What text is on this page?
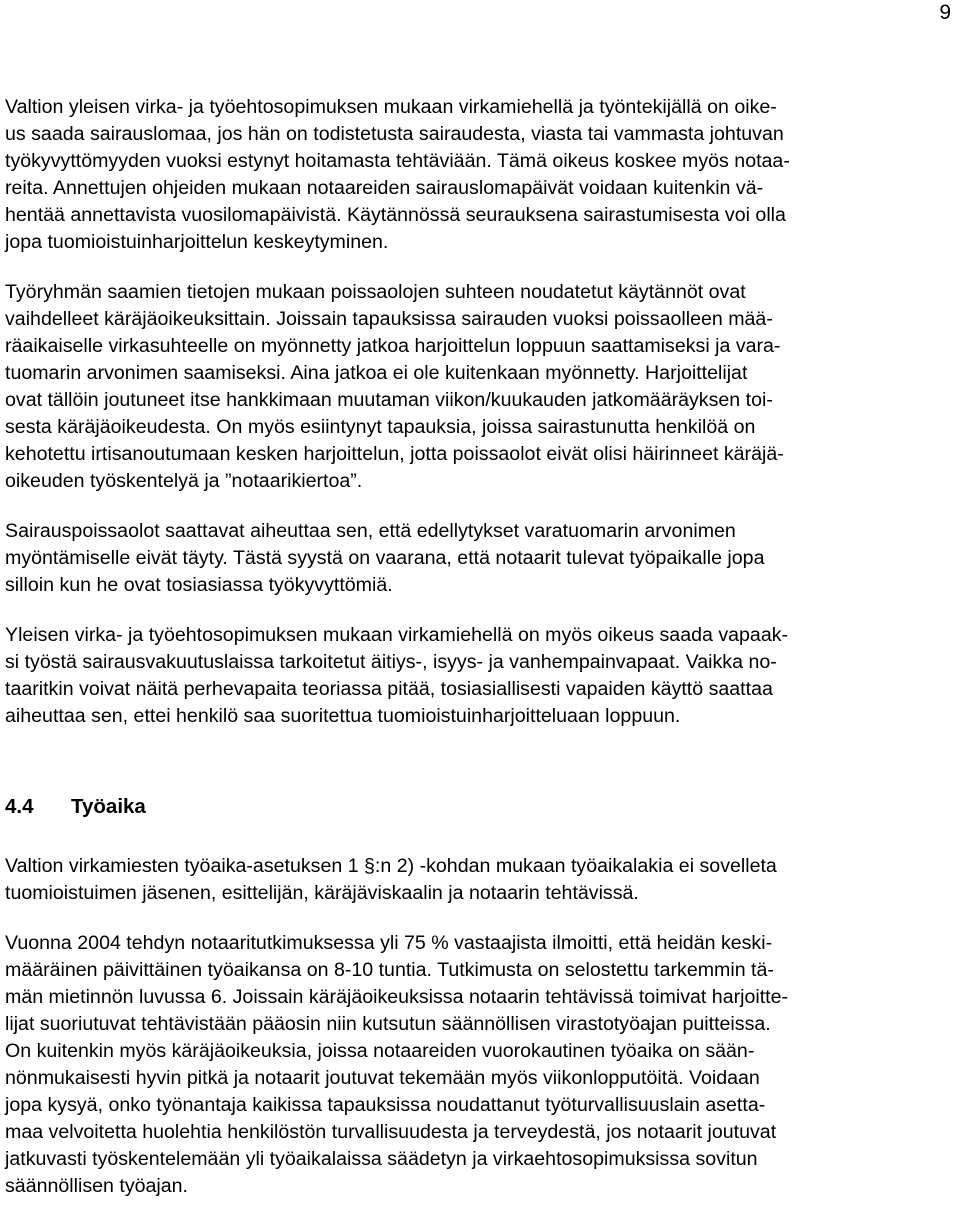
9

Valtion yleisen virka- ja työehtosopimuksen mukaan virkamiehellä ja työntekijällä on oike-
us saada sairauslomaa, jos hän on todistetusta sairaudesta, viasta tai vammasta johtuvan
työkyvyttömyyden vuoksi estynyt hoitamasta tehtäviään. Tämä oikeus koskee myös notaa-
reita. Annettujen ohjeiden mukaan notaareiden sairauslomapäivät voidaan kuitenkin vä-
hentää annettavista vuosilomapäivistä. Käytännössä seurauksena sairastumisesta voi olla
jopa tuomioistuinharjoittelun keskeytyminen.

Työryhmän saamien tietojen mukaan poissaolojen suhteen noudatetut käytännöt ovat
vaihdelleet käräjäoikeuksittain. Joissain tapauksissa sairauden vuoksi poissaolleen mää-
räaikaiselle virkasuhteelle on myönnetty jatkoa harjoittelun loppuun saattamiseksi ja vara-
tuomarin arvonimen saamiseksi. Aina jatkoa ei ole kuitenkaan myönnetty. Harjoittelijat
ovat tällöin joutuneet itse hankkimaan muutaman viikon/kuukauden jatkomääräyksen toi-
sesta käräjäoikeudesta. On myös esiintynyt tapauksia, joissa sairastunutta henkilöä on
kehotettu irtisanoutumaan kesken harjoittelun, jotta poissaolot eivät olisi häirinneet käräjä-
oikeuden työskentelyä ja ”notaarikiertoa”.

Sairauspoissaolot saattavat aiheuttaa sen, että edellytykset varatuomarin arvonimen
myöntämiselle eivät täyty. Tästä syystä on vaarana, että notaarit tulevat työpaikalle jopa
silloin kun he ovat tosiasiassa työkyvyttömiä.

Yleisen virka- ja työehtosopimuksen mukaan virkamiehellä on myös oikeus saada vapaak-
si työstä sairausvakuutuslaissa tarkoitetut äitiys-, isyys- ja vanhempainvapaat. Vaikka no-
taaritkin voivat näitä perhevapaita teoriassa pitää, tosiasiallisesti vapaiden käyttö saattaa
aiheuttaa sen, ettei henkilö saa suoritettua tuomioistuinharjoitteluaan loppuun.

4.4	Työaika

Valtion virkamiesten työaika-asetuksen 1 §:n 2) -kohdan mukaan työaikalakia ei sovelleta
tuomioistuimen jäsenen, esittelijän, käräjäviskaalin ja notaarin tehtävissä.

Vuonna 2004 tehdyn notaaritutkimuksessa yli 75 % vastaajista ilmoitti, että heidän keski-
määräinen päivittäinen työaikansa on 8-10 tuntia. Tutkimusta on selostettu tarkemmin tä-
män mietinnön luvussa 6. Joissain käräjäoikeuksissa notaarin tehtävissä toimivat harjoitte-
lijat suoriutuvat tehtävistään pääosin niin kutsutun säännöllisen virastotyöajan puitteissa.
On kuitenkin myös käräjäoikeuksia, joissa notaareiden vuorokautinen työaika on sään-
nönmukaisesti hyvin pitkä ja notaarit joutuvat tekemään myös viikonlopputöitä. Voidaan
jopa kysyä, onko työnantaja kaikissa tapauksissa noudattanut työturvallisuuslain asetta-
maa velvoitetta huolehtia henkilöstön turvallisuudesta ja terveydestä, jos notaarit joutuvat
jatkuvasti työskentelemään yli työaikalaissa säädetyn ja virkaehtosopimuksissa sovitun
säännöllisen työajan.
